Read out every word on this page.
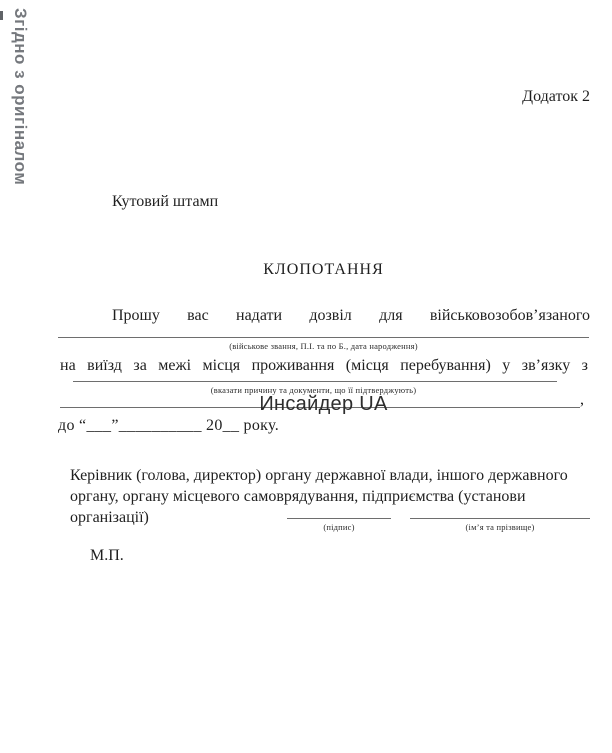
Згідно з оригіналом	Додаток 2
Кутовий штамп
КЛОПОТАННЯ
Прошу вас надати дозвіл для військовозобов’язаного
(військове звання, П.І. та по Б., дата народження)
на виїзд за межі місця проживання (місця перебування) у зв’язку з
(вказати причину та документи, що її підтверджують)
,
Инсайдер UA
до “___”__________ 20__ року.
Керівник (голова, директор) органу державної влади, іншого державного органу, органу місцевого самоврядування, підприємства (установи організації)
(підпис)	(ім’я та прізвище)
М.П.
